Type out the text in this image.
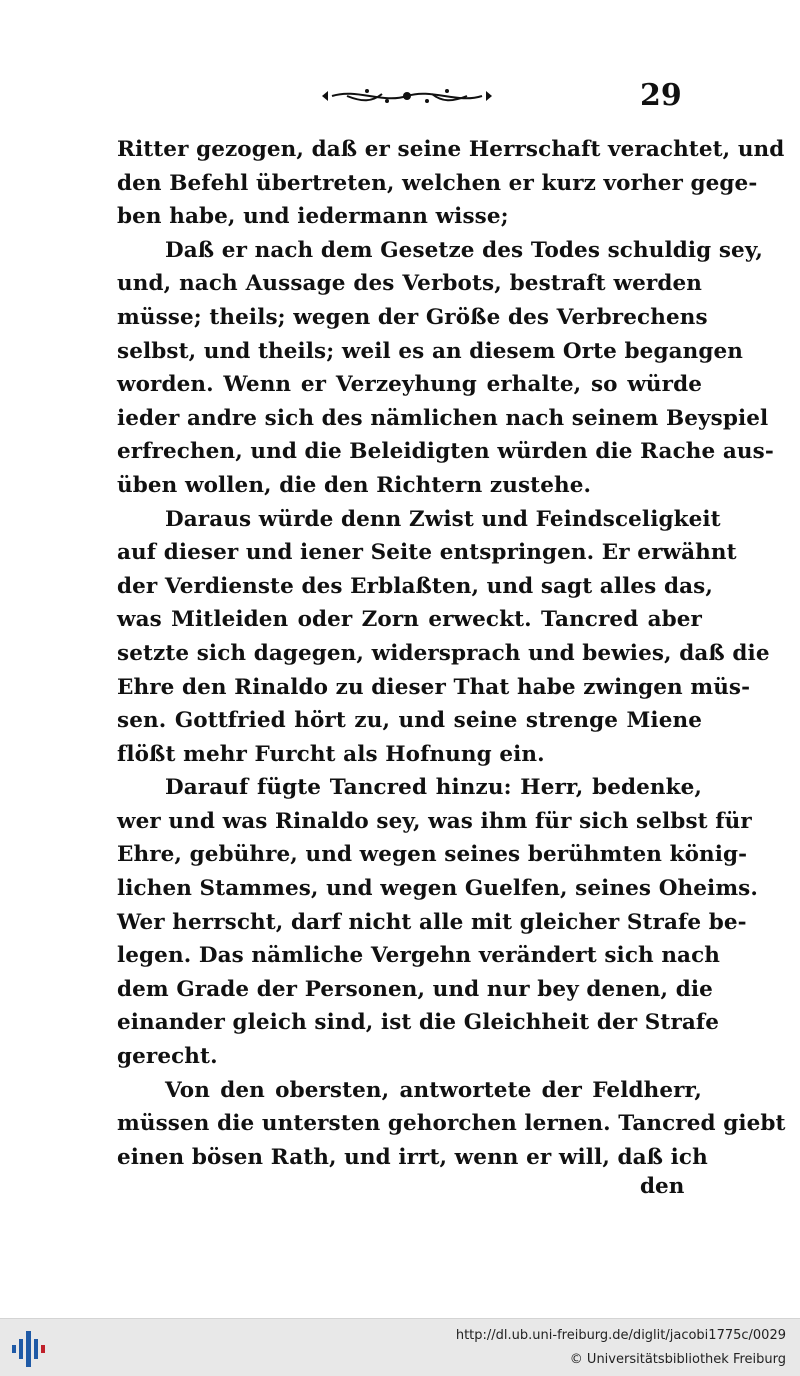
29
Ritter gezogen, daß er seine Herrschaft verachtet, und
den Befehl übertreten, welchen er kurz vorher gege-
ben habe, und iedermann wisse;
Daß er nach dem Gesetze des Todes schuldig sey,
und, nach Aussage des Verbots, bestraft werden
müsse; theils; wegen der Größe des Verbrechens
selbst, und theils; weil es an diesem Orte begangen
worden. Wenn er Verzeyhung erhalte, so würde
ieder andre sich des nämlichen nach seinem Beyspiel
erfrechen, und die Beleidigten würden die Rache aus-
üben wollen, die den Richtern zustehe.
Daraus würde denn Zwist und Feindsceligkeit
auf dieser und iener Seite entspringen. Er erwähnt
der Verdienste des Erblaßten, und sagt alles das,
was Mitleiden oder Zorn erweckt. Tancred aber
setzte sich dagegen, widersprach und bewies, daß die
Ehre den Rinaldo zu dieser That habe zwingen müs-
sen. Gottfried hört zu, und seine strenge Miene
flößt mehr Furcht als Hofnung ein.
Darauf fügte Tancred hinzu: Herr, bedenke,
wer und was Rinaldo sey, was ihm für sich selbst für
Ehre, gebühre, und wegen seines berühmten könig-
lichen Stammes, und wegen Guelfen, seines Oheims.
Wer herrscht, darf nicht alle mit gleicher Strafe be-
legen. Das nämliche Vergehn verändert sich nach
dem Grade der Personen, und nur bey denen, die
einander gleich sind, ist die Gleichheit der Strafe
gerecht.
Von den obersten, antwortete der Feldherr,
müssen die untersten gehorchen lernen. Tancred giebt
einen bösen Rath, und irrt, wenn er will, daß ich
den
http://dl.ub.uni-freiburg.de/diglit/jacobi1775c/0029
© Universitätsbibliothek Freiburg
